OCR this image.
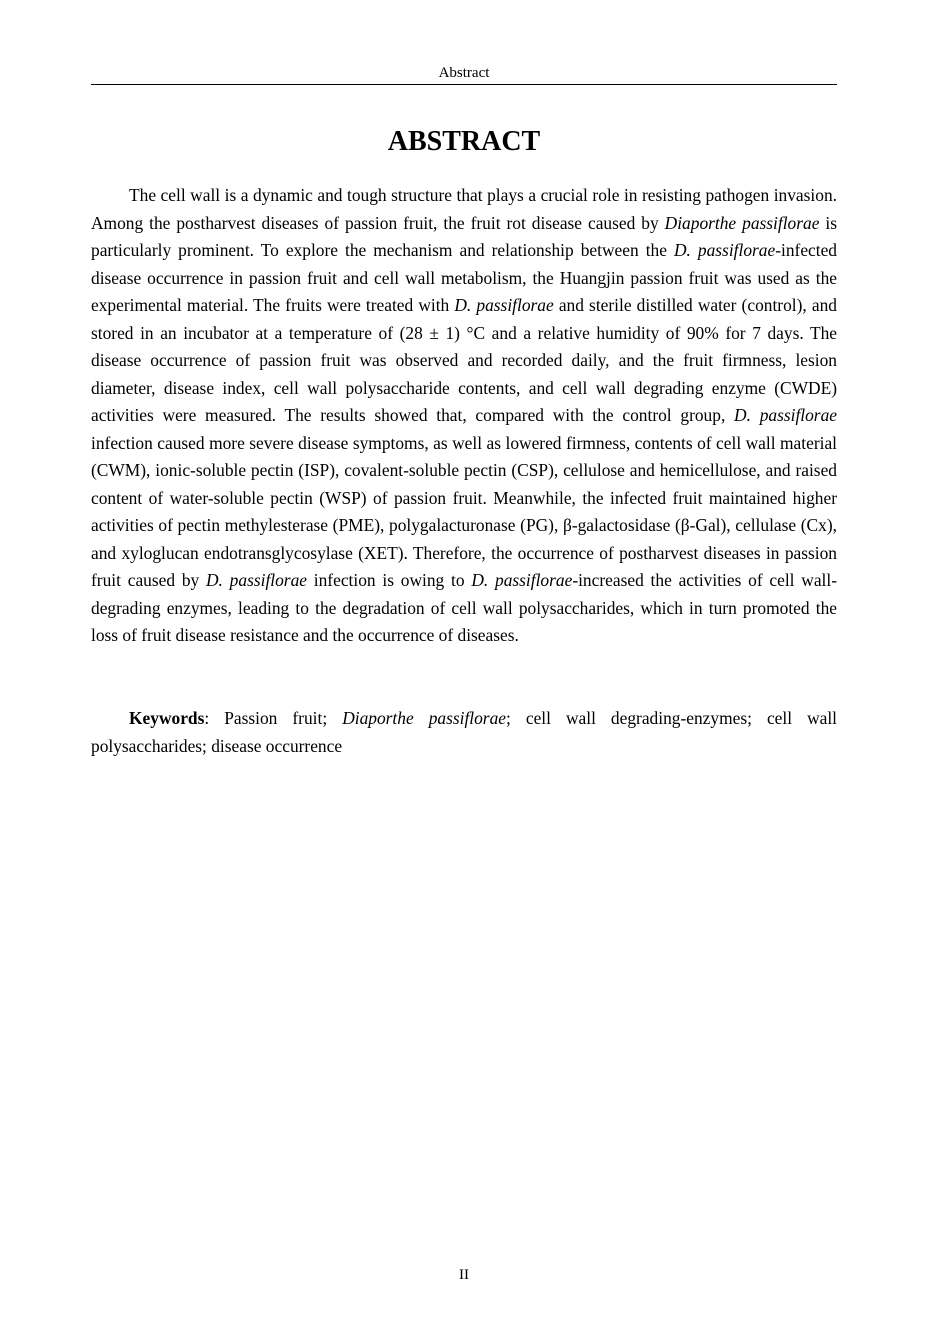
Abstract
ABSTRACT

The cell wall is a dynamic and tough structure that plays a crucial role in resisting pathogen invasion. Among the postharvest diseases of passion fruit, the fruit rot disease caused by Diaporthe passiflorae is particularly prominent. To explore the mechanism and relationship between the D. passiflorae-infected disease occurrence in passion fruit and cell wall metabolism, the Huangjin passion fruit was used as the experimental material. The fruits were treated with D. passiflorae and sterile distilled water (control), and stored in an incubator at a temperature of (28 ± 1) °C and a relative humidity of 90% for 7 days. The disease occurrence of passion fruit was observed and recorded daily, and the fruit firmness, lesion diameter, disease index, cell wall polysaccharide contents, and cell wall degrading enzyme (CWDE) activities were measured. The results showed that, compared with the control group, D. passiflorae infection caused more severe disease symptoms, as well as lowered firmness, contents of cell wall material (CWM), ionic-soluble pectin (ISP), covalent-soluble pectin (CSP), cellulose and hemicellulose, and raised content of water-soluble pectin (WSP) of passion fruit. Meanwhile, the infected fruit maintained higher activities of pectin methylesterase (PME), polygalacturonase (PG), β-galactosidase (β-Gal), cellulase (Cx), and xyloglucan endotransglycosylase (XET). Therefore, the occurrence of postharvest diseases in passion fruit caused by D. passiflorae infection is owing to D. passiflorae-increased the activities of cell wall-degrading enzymes, leading to the degradation of cell wall polysaccharides, which in turn promoted the loss of fruit disease resistance and the occurrence of diseases.

Keywords: Passion fruit; Diaporthe passiflorae; cell wall degrading-enzymes; cell wall polysaccharides; disease occurrence

II
